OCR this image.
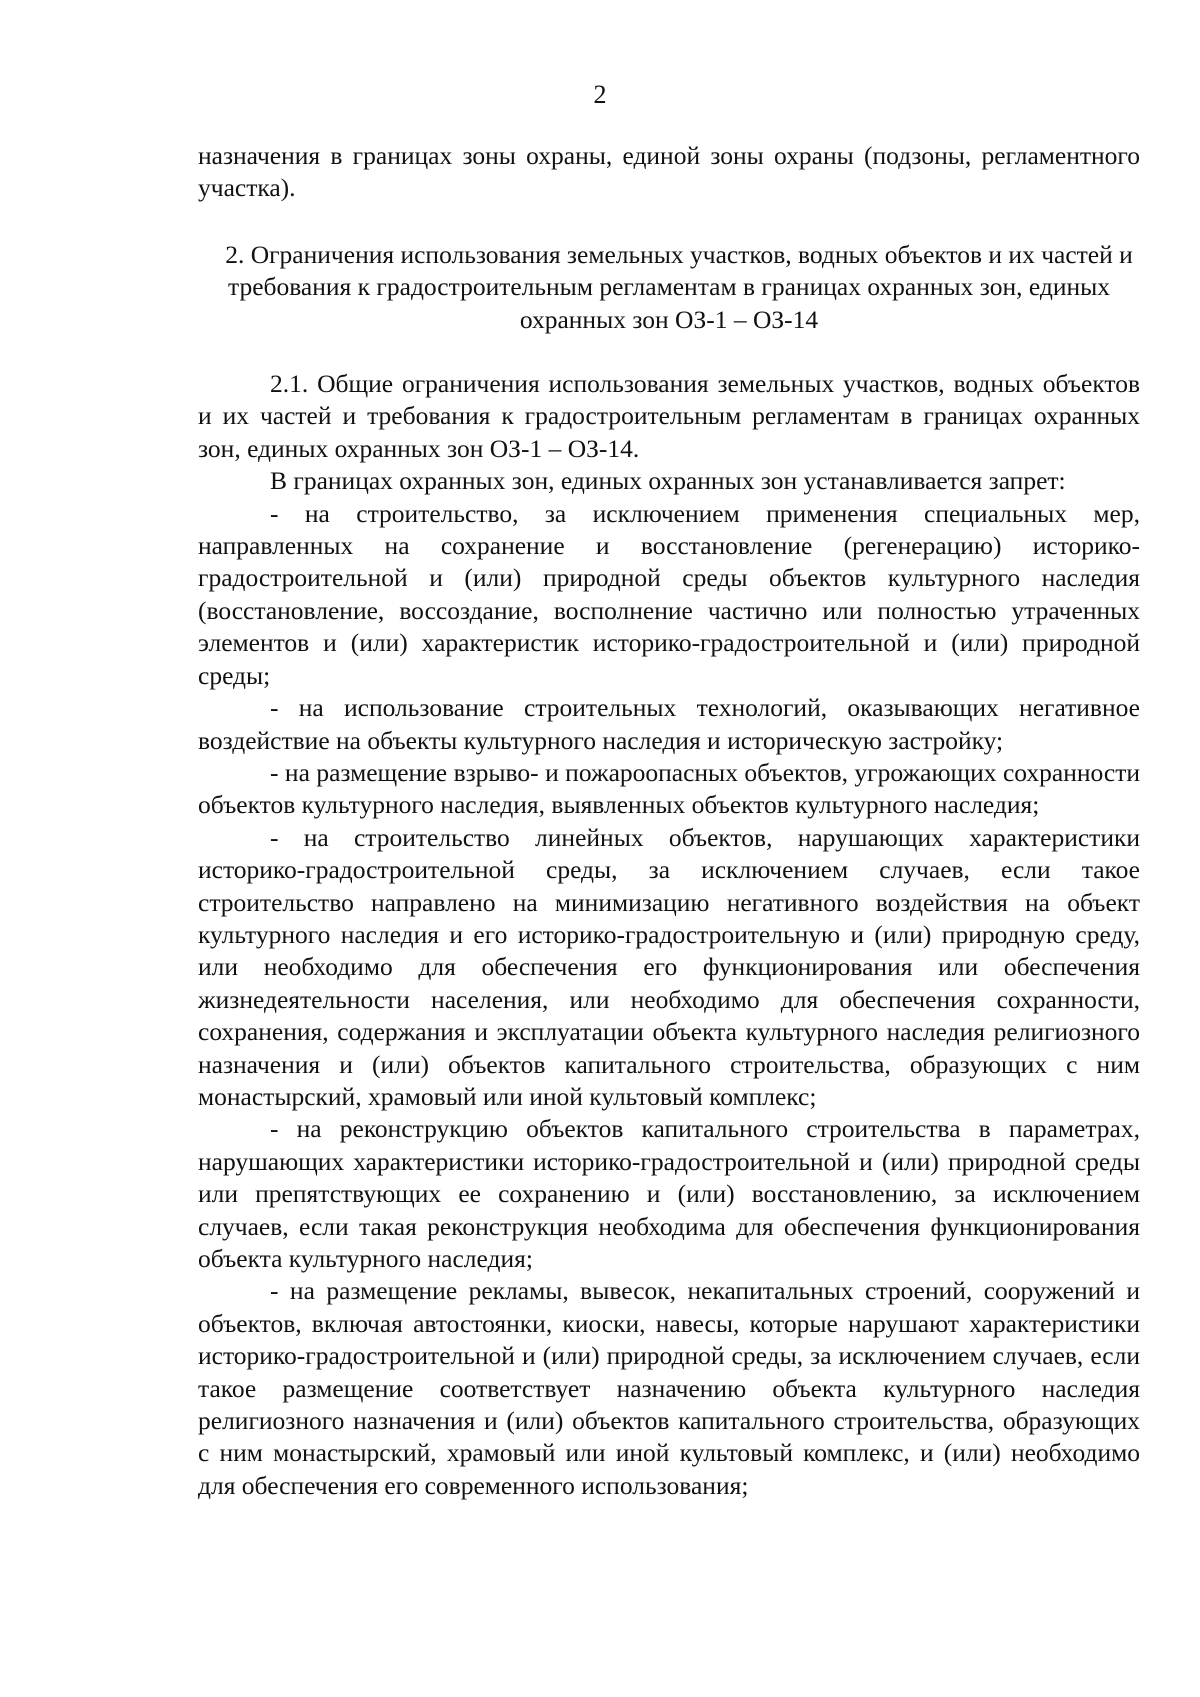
2

назначения в границах зоны охраны, единой зоны охраны (подзоны, регламентного участка).

2. Ограничения использования земельных участков, водных объектов и их частей и требования к градостроительным регламентам в границах охранных зон, единых охранных зон ОЗ-1 – ОЗ-14

2.1. Общие ограничения использования земельных участков, водных объектов и их частей и требования к градостроительным регламентам в границах охранных зон, единых охранных зон ОЗ-1 – ОЗ-14.

В границах охранных зон, единых охранных зон устанавливается запрет:

- на строительство, за исключением применения специальных мер, направленных на сохранение и восстановление (регенерацию) историко-градостроительной и (или) природной среды объектов культурного наследия (восстановление, воссоздание, восполнение частично или полностью утраченных элементов и (или) характеристик историко-градостроительной и (или) природной среды;

- на использование строительных технологий, оказывающих негативное воздействие на объекты культурного наследия и историческую застройку;

- на размещение взрыво- и пожароопасных объектов, угрожающих сохранности объектов культурного наследия, выявленных объектов культурного наследия;

- на строительство линейных объектов, нарушающих характеристики историко-градостроительной среды, за исключением случаев, если такое строительство направлено на минимизацию негативного воздействия на объект культурного наследия и его историко-градостроительную и (или) природную среду, или необходимо для обеспечения его функционирования или обеспечения жизнедеятельности населения, или необходимо для обеспечения сохранности, сохранения, содержания и эксплуатации объекта культурного наследия религиозного назначения и (или) объектов капитального строительства, образующих с ним монастырский, храмовый или иной культовый комплекс;

- на реконструкцию объектов капитального строительства в параметрах, нарушающих характеристики историко-градостроительной и (или) природной среды или препятствующих ее сохранению и (или) восстановлению, за исключением случаев, если такая реконструкция необходима для обеспечения функционирования объекта культурного наследия;

- на размещение рекламы, вывесок, некапитальных строений, сооружений и объектов, включая автостоянки, киоски, навесы, которые нарушают характеристики историко-градостроительной и (или) природной среды, за исключением случаев, если такое размещение соответствует назначению объекта культурного наследия религиозного назначения и (или) объектов капитального строительства, образующих с ним монастырский, храмовый или иной культовый комплекс, и (или) необходимо для обеспечения его современного использования;
